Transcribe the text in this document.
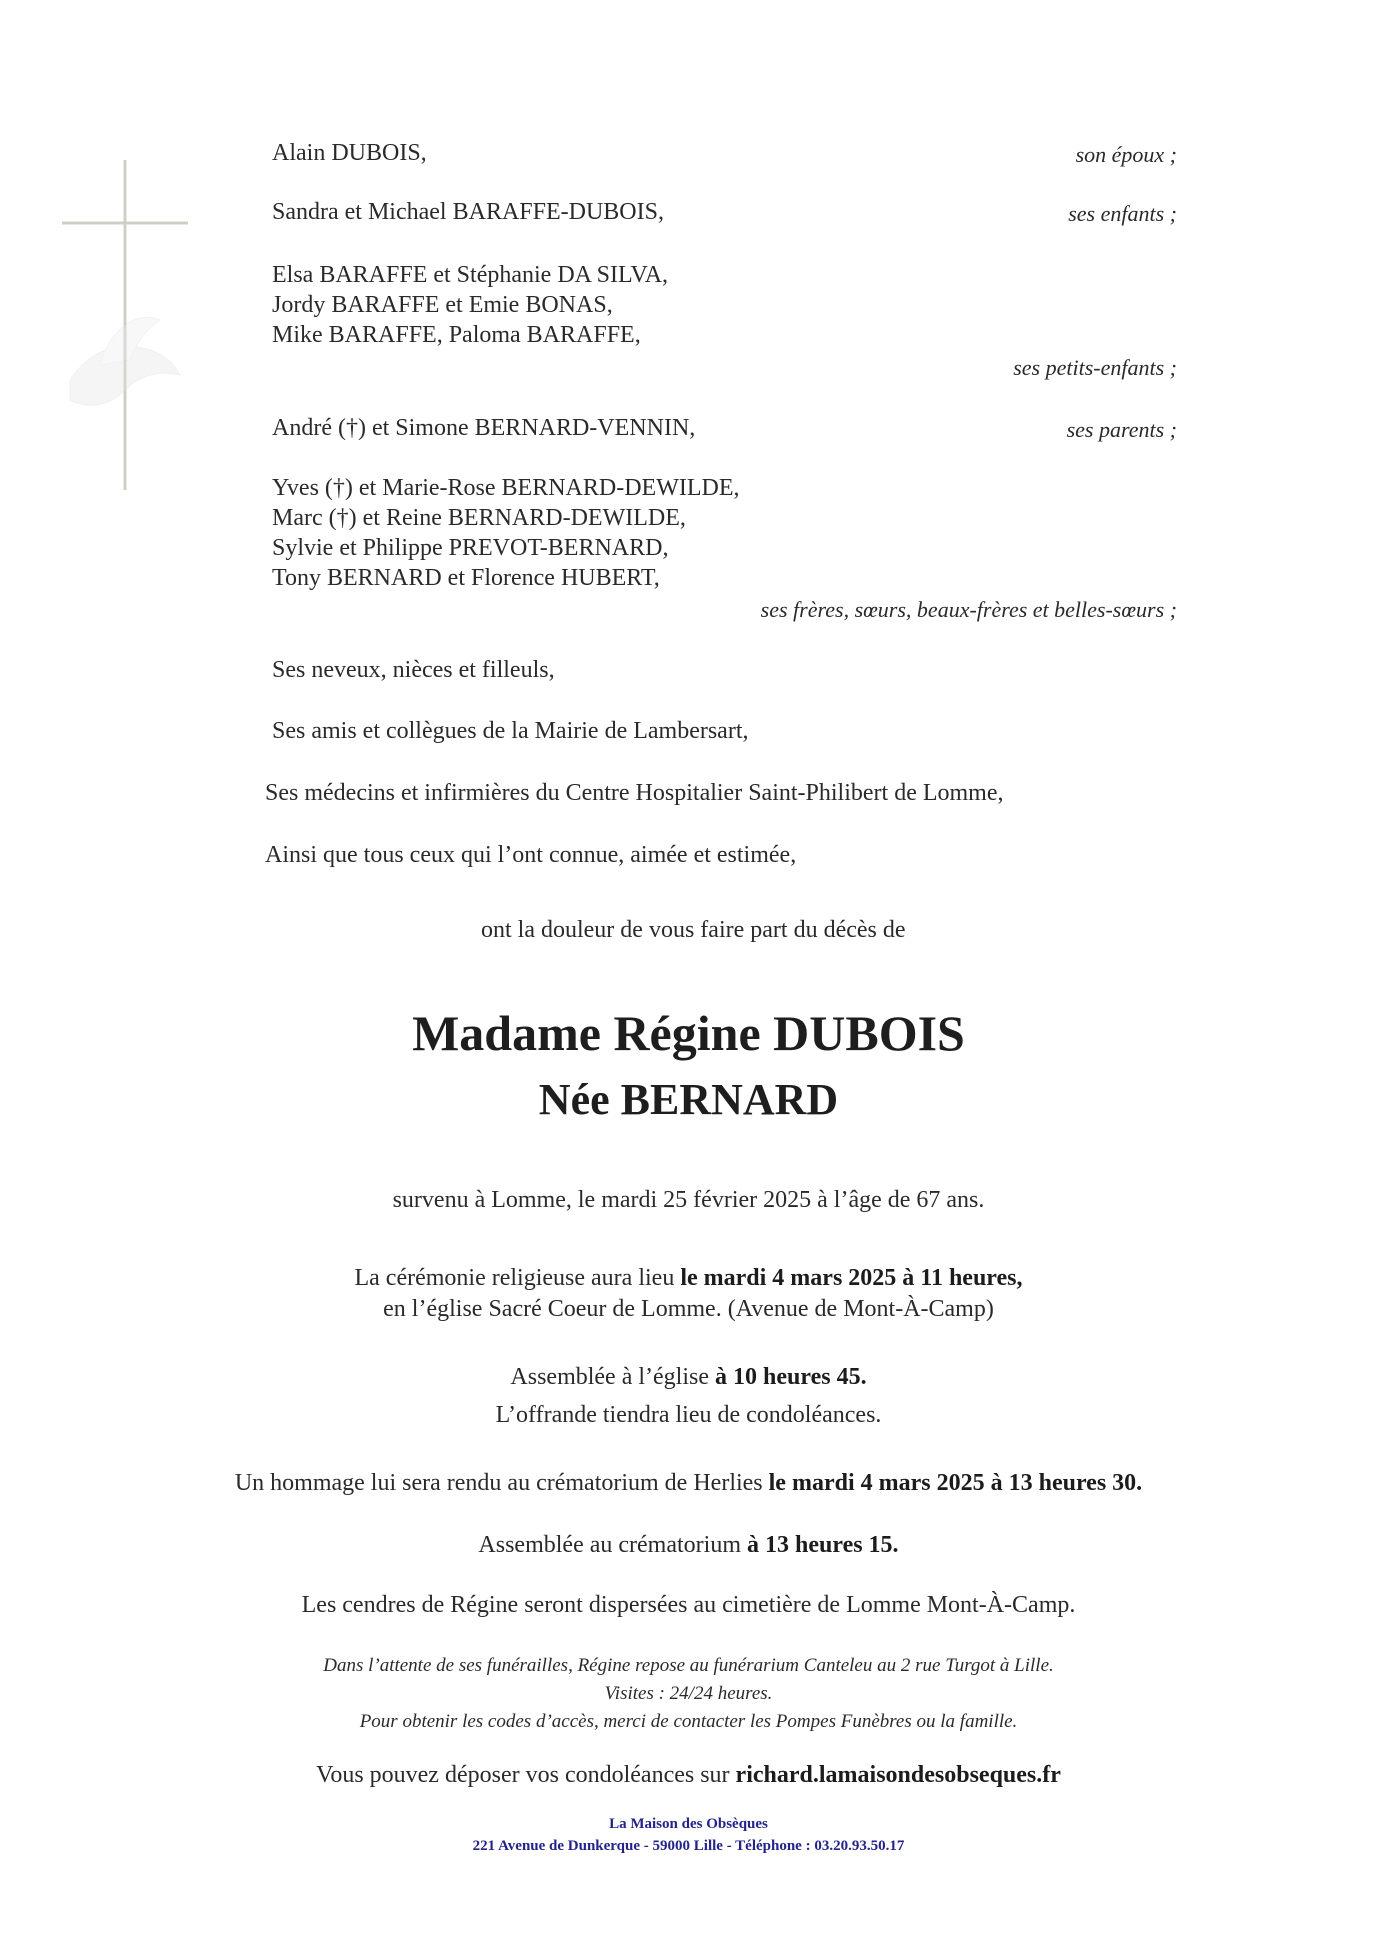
Alain DUBOIS,	son époux ;
Sandra et Michael BARAFFE-DUBOIS,	ses enfants ;
Elsa BARAFFE et Stéphanie DA SILVA,
Jordy BARAFFE et Emie BONAS,
Mike BARAFFE, Paloma BARAFFE,
ses petits-enfants ;
André (†) et Simone BERNARD-VENNIN,	ses parents ;
Yves (†) et Marie-Rose BERNARD-DEWILDE,
Marc (†) et Reine BERNARD-DEWILDE,
Sylvie et Philippe PREVOT-BERNARD,
Tony BERNARD et Florence HUBERT,
ses frères, sœurs, beaux-frères et belles-sœurs ;
Ses neveux, nièces et filleuls,
Ses amis et collègues de la Mairie de Lambersart,
Ses médecins et infirmières du Centre Hospitalier Saint-Philibert de Lomme,
Ainsi que tous ceux qui l’ont connue, aimée et estimée,
ont la douleur de vous faire part du décès de
Madame Régine DUBOIS
Née BERNARD
survenu à Lomme, le mardi 25 février 2025 à l’âge de 67 ans.
La cérémonie religieuse aura lieu le mardi 4 mars 2025 à 11 heures,
en l’église Sacré Coeur de Lomme. (Avenue de Mont-À-Camp)
Assemblée à l’église à 10 heures 45.
L’offrande tiendra lieu de condoléances.
Un hommage lui sera rendu au crématorium de Herlies le mardi 4 mars 2025 à 13 heures 30.
Assemblée au crématorium à 13 heures 15.
Les cendres de Régine seront dispersées au cimetière de Lomme Mont-À-Camp.
Dans l’attente de ses funérailles, Régine repose au funérarium Canteleu au 2 rue Turgot à Lille.
Visites : 24/24 heures.
Pour obtenir les codes d’accès, merci de contacter les Pompes Funèbres ou la famille.
Vous pouvez déposer vos condoléances sur richard.lamaisondesobseques.fr
La Maison des Obsèques
221 Avenue de Dunkerque - 59000 Lille - Téléphone : 03.20.93.50.17
